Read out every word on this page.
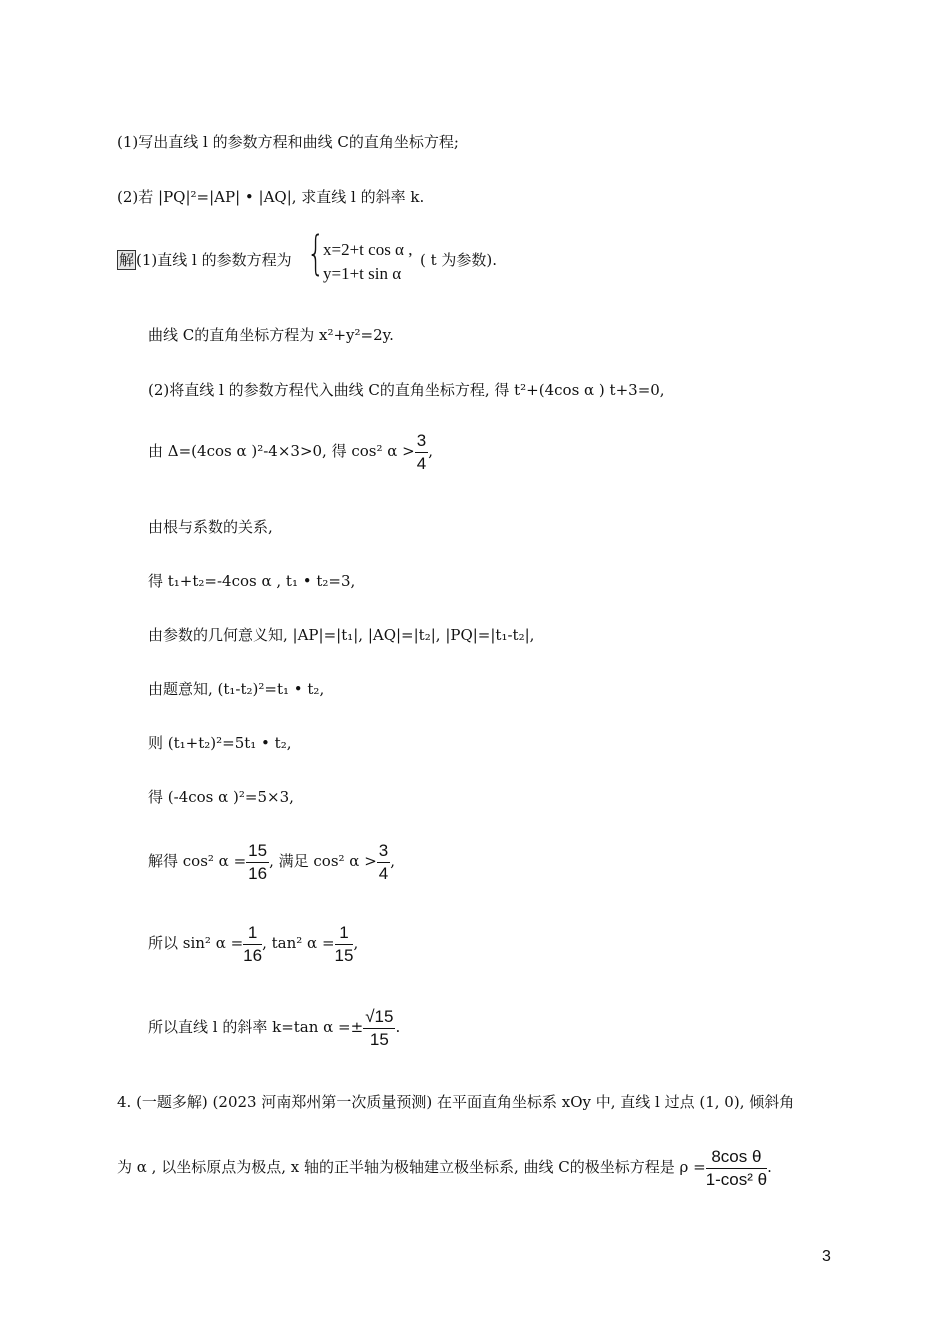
(1)写出直线 l 的参数方程和曲线 C的直角坐标方程;
(2)若 |PQ|²=|AP| • |AQ|, 求直线 l 的斜率 k.
解 (1)直线 l 的参数方程为 {
x=2+t cos α ,
y=1+t sin α
( t 为参数).
曲线 C的直角坐标方程为 x²+y²=2y.
(2)将直线 l 的参数方程代入曲线 C的直角坐标方程, 得 t²+(4cos α ) t+3=0,
由 Δ=(4cos α )²-4×3>0, 得 cos² $\alpha > \frac{3}{4}$ ,
由根与系数的关系,
得 t₁+t₂=-4cos α , t₁ • t₂=3,
由参数的几何意义知, |AP|=|t₁|, |AQ|=|t₂|, |PQ|=|t₁-t₂|,
由题意知, (t₁-t₂)²=t₁ • t₂,
则 (t₁+t₂)²=5t₁ • t₂,
得 (-4cos α )²=5×3,
解得 cos² $\alpha = \frac{15}{16}$ , 满足 cos² $\alpha > \frac{3}{4}$ ,
所以 sin² $\alpha = \frac{1}{16}$ , tan² $\alpha = \frac{1}{15}$ ,
所以直线 l 的斜率 k=tan $\alpha =\pm \frac{√15}{15}$ .
4. (一题多解) (2023 河南郑州第一次质量预测) 在平面直角坐标系 xOy 中, 直线 l 过点 (1, 0), 倾斜角
为 α , 以坐标原点为极点, x 轴的正半轴为极轴建立极坐标系, 曲线 C的极坐标方程是 $\rho = \frac{\text{8cos θ}}{\text{1-cos² θ}}$ .
3
